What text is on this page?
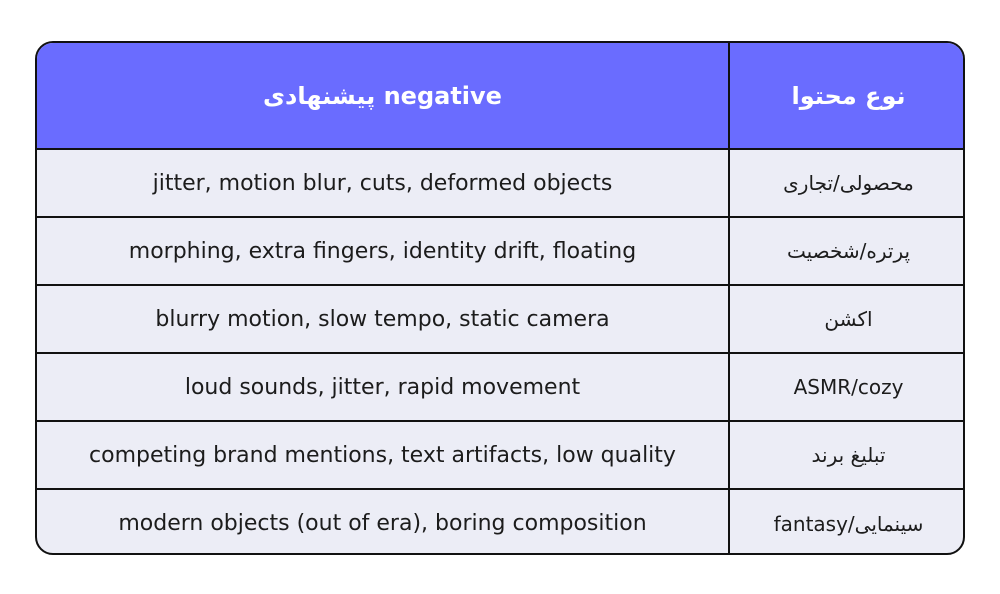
negative پیشنهادی	نوع محتوا
jitter, motion blur, cuts, deformed objects	محصولی/تجاری
morphing, extra fingers, identity drift, floating	پرتره/شخصیت
blurry motion, slow tempo, static camera	اکشن
loud sounds, jitter, rapid movement	ASMR/cozy
competing brand mentions, text artifacts, low quality	تبلیغ برند
modern objects (out of era), boring composition	سینمایی/fantasy
